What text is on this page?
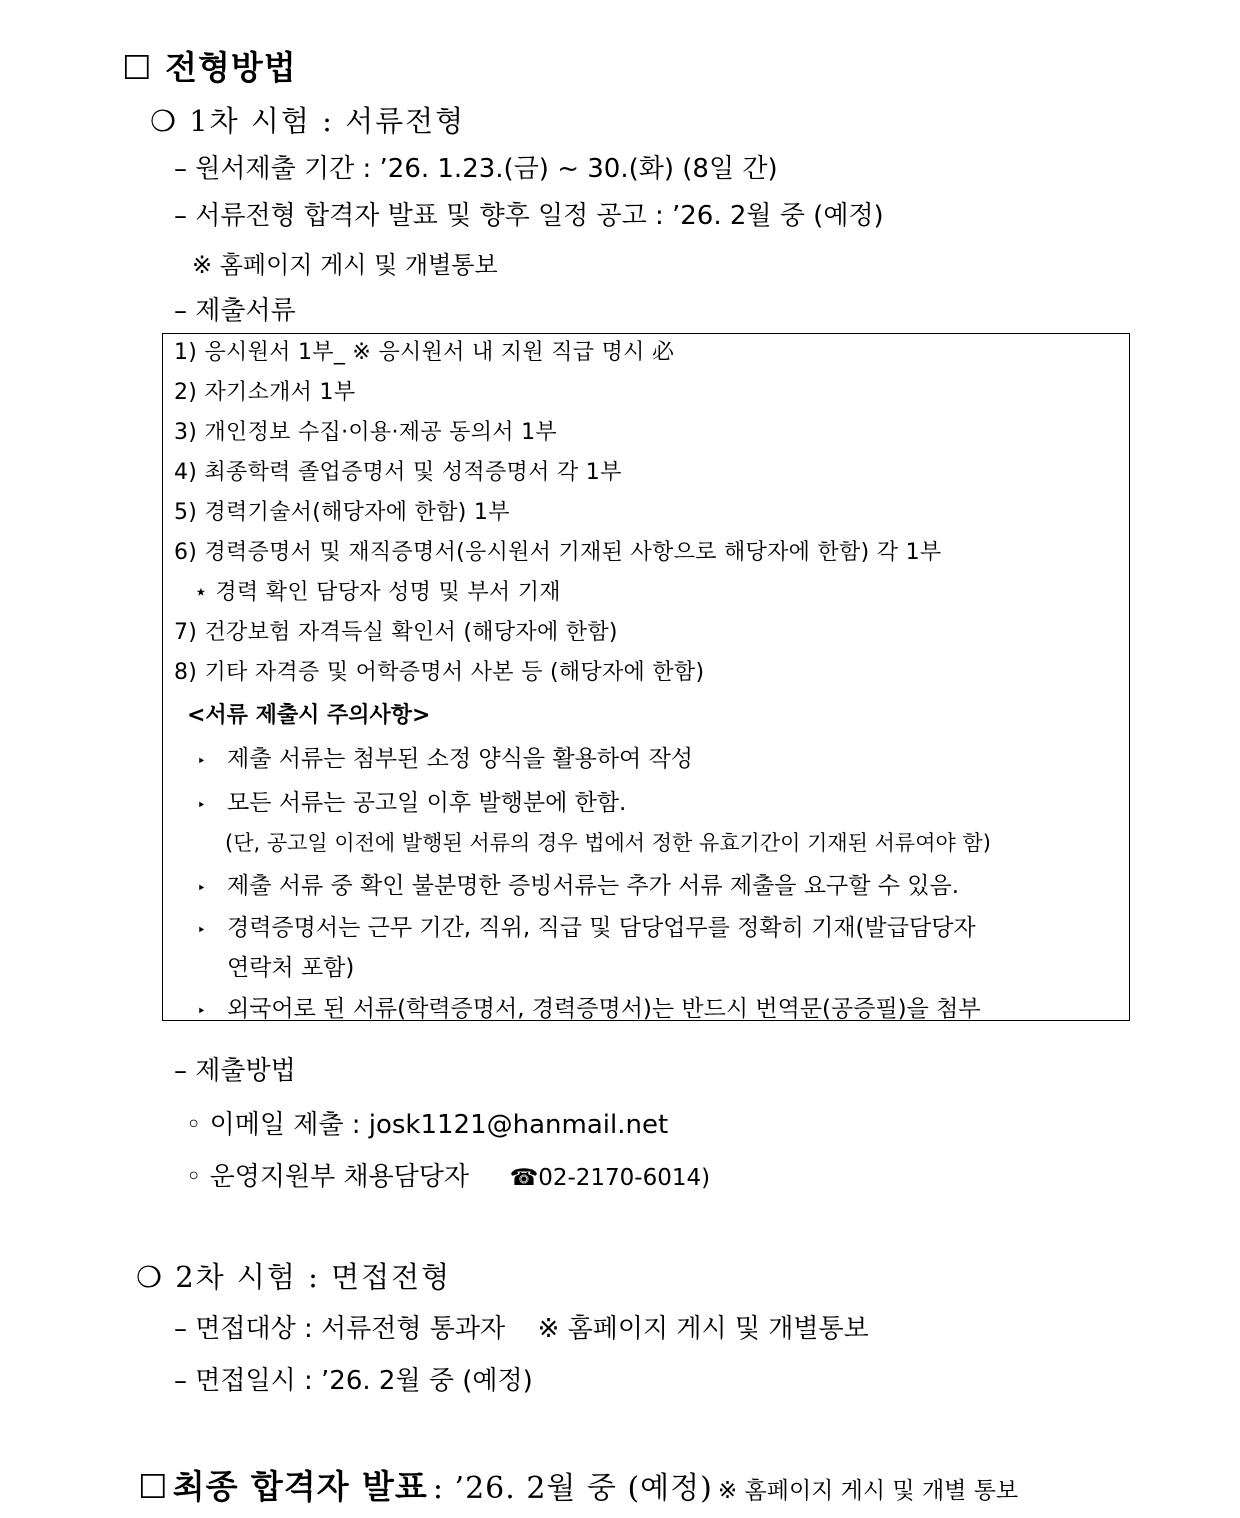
☐ 전형방법
❍ 1차 시험 : 서류전형
– 원서제출 기간 : ’26. 1.23.(금) ~ 30.(화) (8일 간)
– 서류전형 합격자 발표 및 향후 일정 공고 : ’26. 2월 중 (예정)
※ 홈페이지 게시 및 개별통보
– 제출서류
1) 응시원서 1부_ ※ 응시원서 내 지원 직급 명시 必
2) 자기소개서 1부
3) 개인정보 수집·이용·제공 동의서 1부
4) 최종학력 졸업증명서 및 성적증명서 각 1부
5) 경력기술서(해당자에 한함) 1부
6) 경력증명서 및 재직증명서(응시원서 기재된 사항으로 해당자에 한함) 각 1부
⋆ 경력 확인 담당자 성명 및 부서 기재
7) 건강보험 자격득실 확인서 (해당자에 한함)
8) 기타 자격증 및 어학증명서 사본 등 (해당자에 한함)
<서류 제출시 주의사항>
‣ 제출 서류는 첨부된 소정 양식을 활용하여 작성
‣ 모든 서류는 공고일 이후 발행분에 한함.
(단, 공고일 이전에 발행된 서류의 경우 법에서 정한 유효기간이 기재된 서류여야 함)
‣ 제출 서류 중 확인 불분명한 증빙서류는 추가 서류 제출을 요구할 수 있음.
‣ 경력증명서는 근무 기간, 직위, 직급 및 담당업무를 정확히 기재(발급담당자
연락처 포함)
‣ 외국어로 된 서류(학력증명서, 경력증명서)는 반드시 번역문(공증필)을 첨부
– 제출방법
◦ 이메일 제출 : josk1121@hanmail.net
◦ 운영지원부 채용담당자 ☎02-2170-6014)
❍ 2차 시험 : 면접전형
– 면접대상 : 서류전형 통과자 ※ 홈페이지 게시 및 개별통보
– 면접일시 : ’26. 2월 중 (예정)
☐ 최종 합격자 발표 : ’26. 2월 중 (예정) ※ 홈페이지 게시 및 개별 통보
